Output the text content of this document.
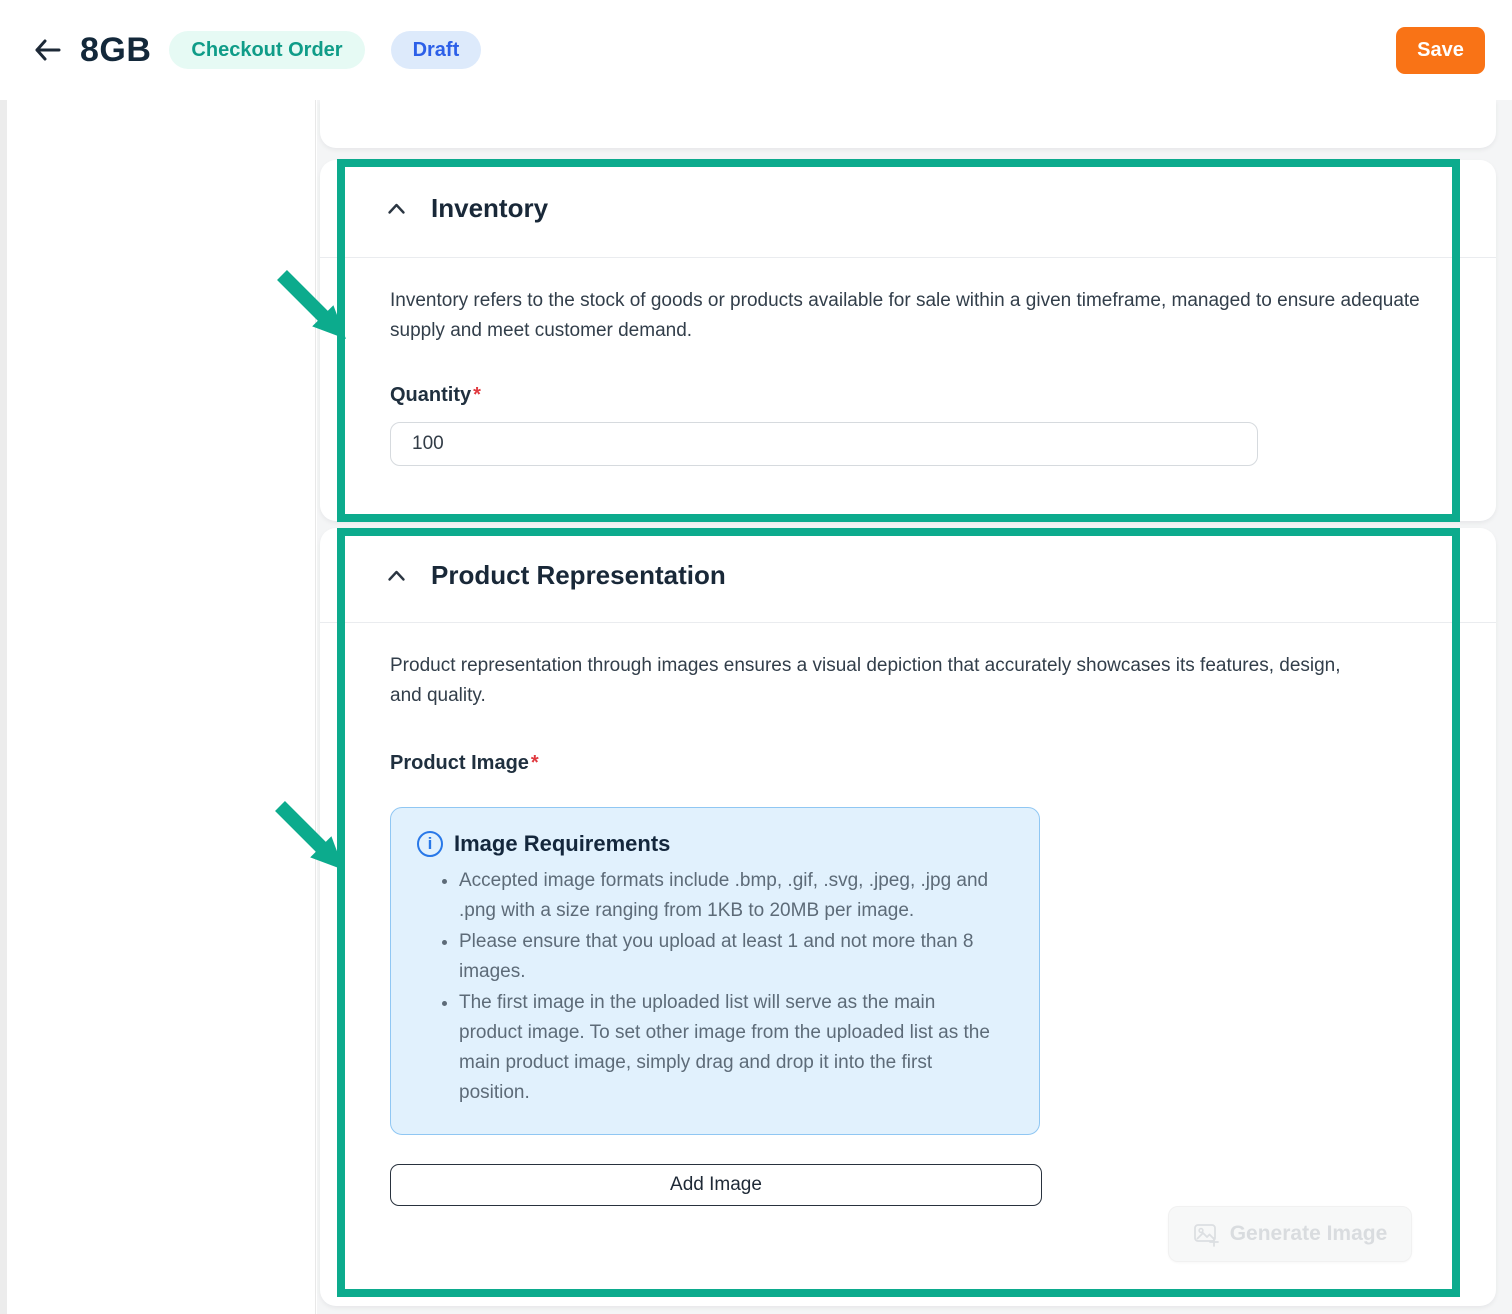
8GB	Checkout Order	Draft	Save
Inventory

Inventory refers to the stock of goods or products available for sale within a given timeframe, managed to ensure adequate supply and meet customer demand.

Quantity *
100
Product Representation

Product representation through images ensures a visual depiction that accurately showcases its features, design, and quality.

Product Image *
i Image Requirements
• Accepted image formats include .bmp, .gif, .svg, .jpeg, .jpg and .png with a size ranging from 1KB to 20MB per image.
• Please ensure that you upload at least 1 and not more than 8 images.
• The first image in the uploaded list will serve as the main product image. To set other image from the uploaded list as the main product image, simply drag and drop it into the first position.
Add Image
Generate Image
